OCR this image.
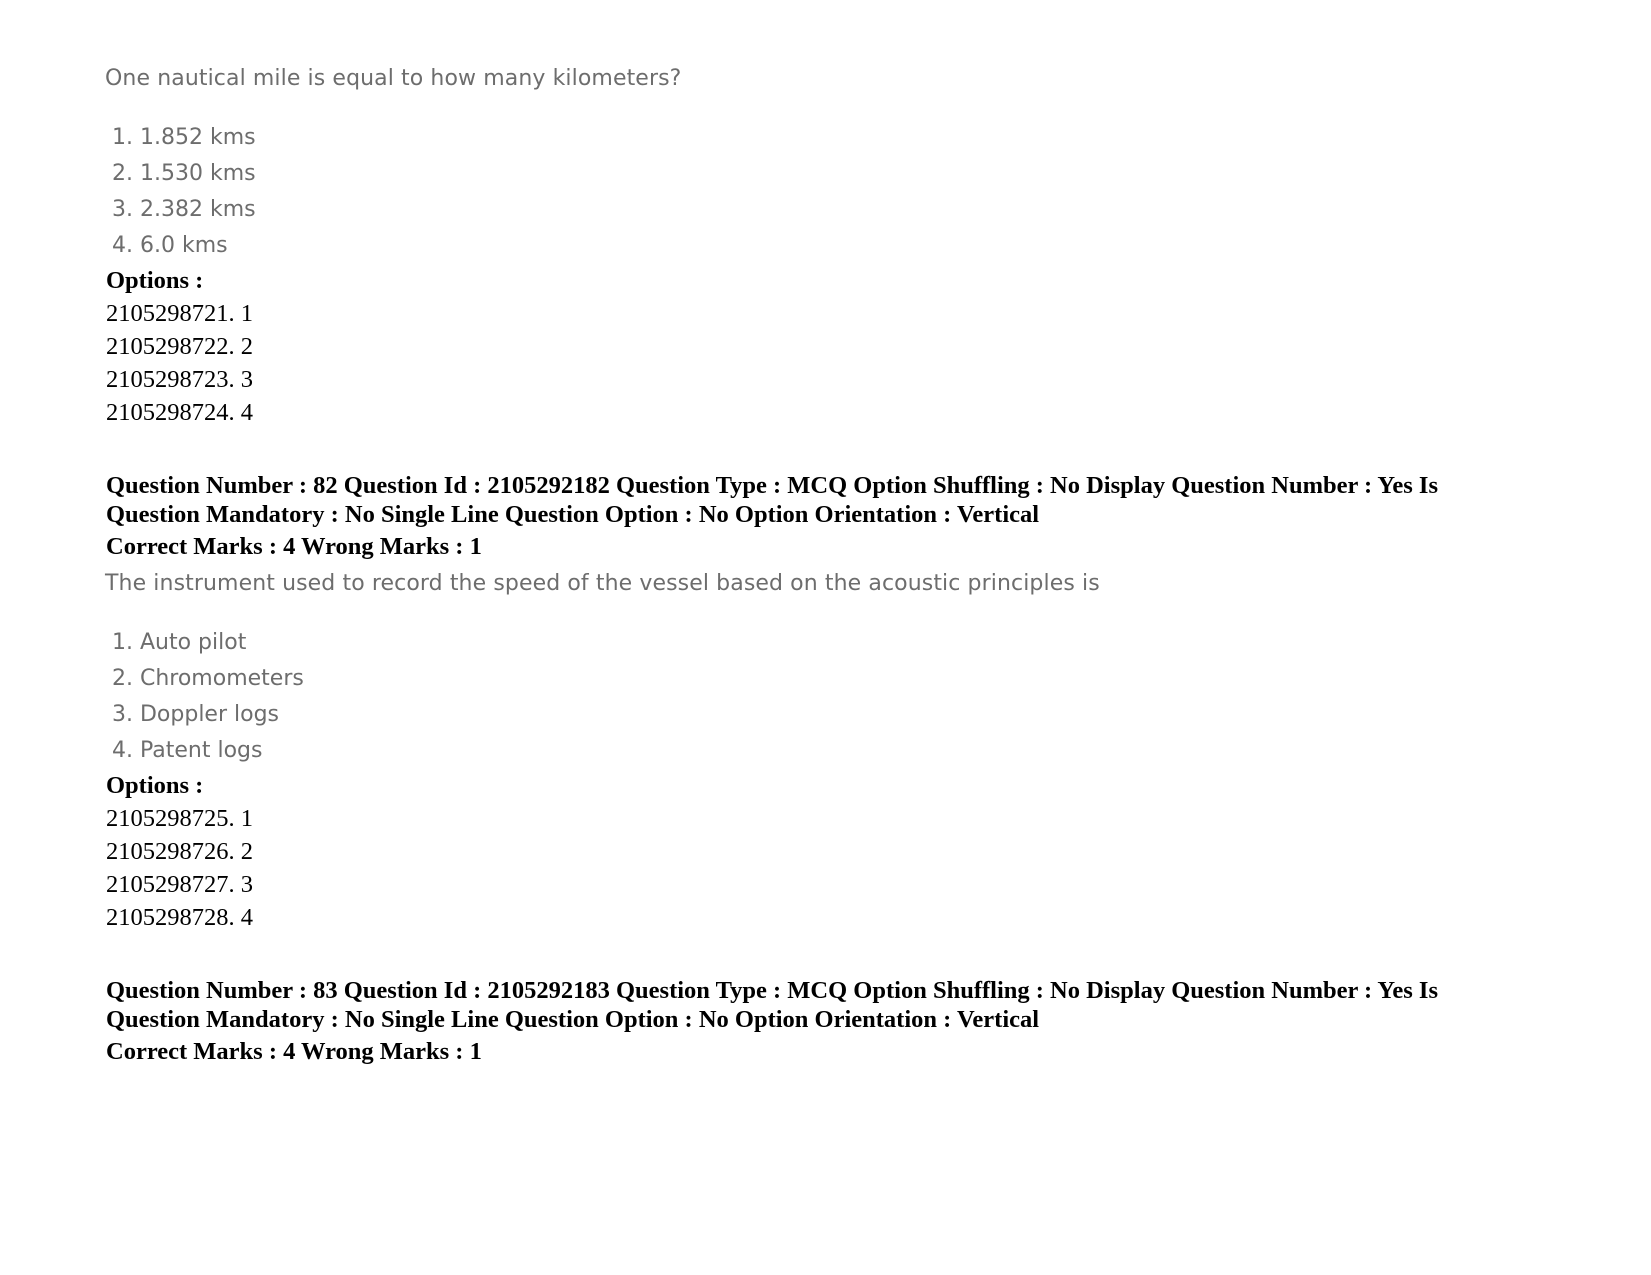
One nautical mile is equal to how many kilometers?
1. 1.852 kms
2. 1.530 kms
3. 2.382 kms
4. 6.0 kms
Options :
2105298721. 1
2105298722. 2
2105298723. 3
2105298724. 4
Question Number : 82 Question Id : 2105292182 Question Type : MCQ Option Shuffling : No Display Question Number : Yes Is Question Mandatory : No Single Line Question Option : No Option Orientation : Vertical
Correct Marks : 4 Wrong Marks : 1
The instrument used to record the speed of the vessel based on the acoustic principles is
1. Auto pilot
2. Chromometers
3. Doppler logs
4. Patent logs
Options :
2105298725. 1
2105298726. 2
2105298727. 3
2105298728. 4
Question Number : 83 Question Id : 2105292183 Question Type : MCQ Option Shuffling : No Display Question Number : Yes Is Question Mandatory : No Single Line Question Option : No Option Orientation : Vertical
Correct Marks : 4 Wrong Marks : 1
